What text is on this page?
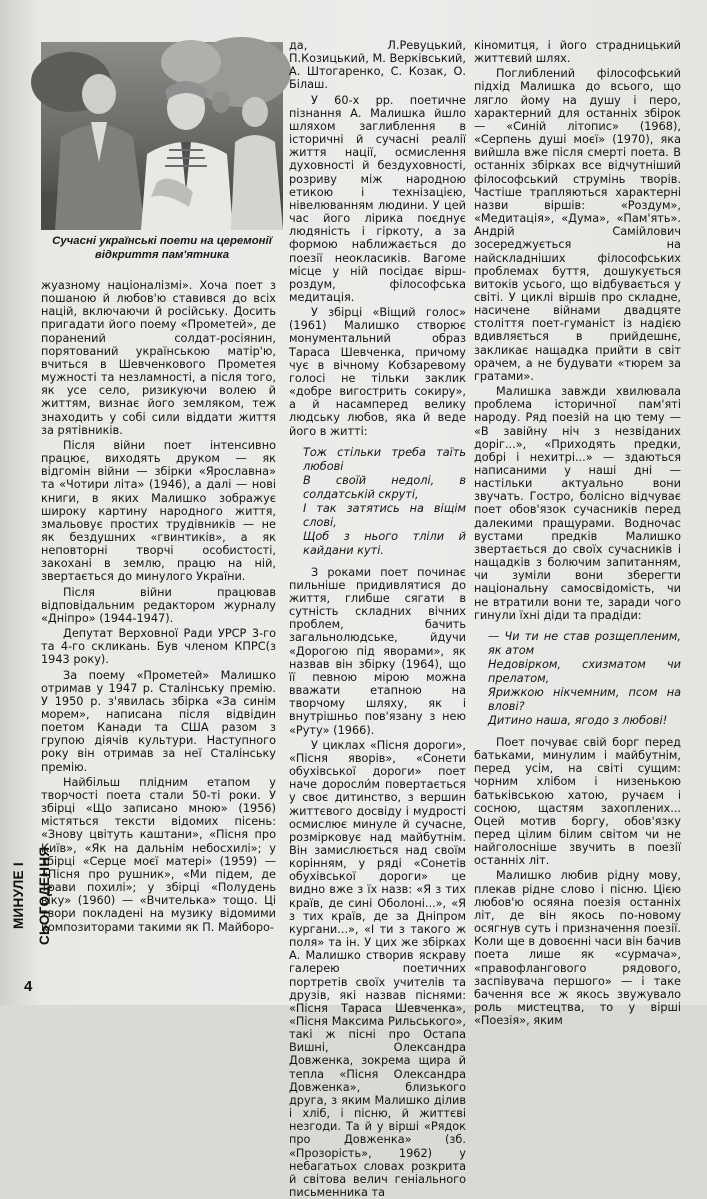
Сучасні українські поети на церемонії відкриття пам'ятника

жуазному націоналізмі». Хоча поет з пошаною й любов'ю ставився до всіх націй, включаючи й російську. Досить пригадати його поему «Прометей», де поранений солдат-росіянин, порятований українською матір'ю, вчиться в Шевченкового Прометея мужності та незламності, а після того, як усе село, ризикуючи волею й життям, визнає його земляком, теж знаходить у собі сили віддати життя за рятівників.

Після війни поет інтенсивно працює, виходять друком — як відгомін війни — збірки «Ярославна» та «Чотири літа» (1946), а далі — нові книги, в яких Малишко зображує широку картину народного життя, змальовує простих трудівників — не як бездушних «гвинтиків», а як неповторні творчі особистості, закохані в землю, працю на ній, звертається до минулого України.

Після війни працював відповідальним редактором журналу «Дніпро» (1944-1947).

Депутат Верховної Ради УРСР 3-го та 4-го скликань. Був членом КПРС(з 1943 року).

За поему «Прометей» Малишко отримав у 1947 р. Сталінську премію. У 1950 р. з'явилась збірка «За синім морем», написана після відвідин поетом Канади та США разом з групою діячів культури. Наступного року він отримав за неї Сталінську премію.

Найбільш плідним етапом у творчості поета стали 50-ті роки. У збірці «Що записано мною» (1956) містяться тексти відомих пісень: «Знову цвітуть каштани», «Пісня про Київ», «Як на дальнім небосхилі»; у збірці «Серце моєї матері» (1959) — «Пісня про рушник», «Ми підем, де трави похилі»; у збірці «Полудень віку» (1960) — «Вчителька» тощо. Ці твори покладені на музику відомими композиторами такими як П. Майборо-

да, Л.Ревуцький, П.Козицький, М. Верківський, А. Штогаренко, С. Козак, О. Білаш.

У 60-х рр. поетичне пізнання А. Малишка йшло шляхом заглиблення в історичні й сучасні реалії життя нації, осмислення духовності й бездуховності, розриву між народною етикою і технізацією, нівелюванням людини. У цей час його лірика поєднує людяність і гіркоту, а за формою наближається до поезії неокласиків. Вагоме місце у ній посідає вірш-роздум, філософська медитація.

У збірці «Віщий голос» (1961) Малишко створює монументальний образ Тараса Шевченка, причому чує в вічному Кобзаревому голосі не тільки заклик «добре вигострить сокиру», а й насамперед велику людську любов, яка й веде його в житті:

Тож стільки треба таїть любові
В своїй недолі, в солдатській скруті,
І так затятись на віщім слові,
Щоб з нього тліли й кайдани куті.

З роками поет починає пильніше придивлятися до життя, глибше сягати в сутність складних вічних проблем, бачить загальнолюдське, йдучи «Дорогою під яворами», як назвав він збірку (1964), що її певною мірою можна вважати етапною на творчому шляху, як і внутрішньо пов'язану з нею «Руту» (1966).

У циклах «Пісня дороги», «Пісня яворів», «Сонети обухівської дороги» поет наче доросли́м повертається у своє дитинство, з вершин життєвого досвіду і мудрості осмислює минуле й сучасне, розмірковує над майбутнім. Він замислюється над своїм корінням, у ряді «Сонетів обухівської дороги» це видно вже з їх назв: «Я з тих країв, де сині Оболоні...», «Я з тих країв, де за Дніпром кургани...», «І ти з такого ж поля» та ін. У цих же збірках А. Малишко створив яскраву галерею поетичних портретів своїх учителів та друзів, які назвав піснями: «Пісня Тараса Шевченка», «Пісня Максима Рильського», такі ж пісні про Остапа Вишні, Олександра Довженка, зокрема щира й тепла «Пісня Олександра Довженка», близького друга, з яким Малишко ділив і хліб, і пісню, й життєві незгоди. Та й у вірші «Рядок про Довженка» (зб. «Прозорість», 1962) у небагатьох словах розкрита й світова велич геніального письменника та

кіномитця, і його страдницький життєвий шлях.

Поглиблений філософський підхід Малишка до всього, що лягло йому на душу і перо, характерний для останніх збірок — «Синій літопис» (1968), «Серпень душі моєї» (1970), яка вийшла вже після смерті поета. В останніх збірках все відчутніший філософський струмінь творів. Частіше трапляються характерні назви віршів: «Роздум», «Медитація», «Дума», «Пам'ять». Андрій Самійлович зосереджується на найскладніших філософських проблемах буття, дошукується витоків усього, що відбувається у світі. У циклі віршів про складне, насичене війнами двадцяте століття поет-гуманіст із надією вдивляється в прийдешнє, закликає нащадка прийти в світ орачем, а не будувати «тюрем за гратами».

Малишка завжди хвилювала проблема історичної пам'яті народу. Ряд поезій на цю тему — «В завійну ніч з незвіданих доріг...», «Приходять предки, добрі і нехитрі...» — здаються написаними у наші дні — настільки актуально вони звучать. Гостро, болісно відчуває поет обов'язок сучасників перед далекими пращурами. Водночас вустами предків Малишко звертається до своїх сучасників і нащадків з болючим запитанням, чи зуміли вони зберегти національну самосвідомість, чи не втратили вони те, заради чого гинули їхні діди та прадіди:

— Чи ти не став розщепленим, як атом
Недовірком, схизматом чи прелатом,
Ярижкою нікчемним, псом на влові?
Дитино наша, ягодо з любові!

Поет почуває свій борг перед батьками, минулим і майбутнім, перед усім, на світі сущим: чорним хлібом і низенькою батьківською хатою, ручаєм і сосною, щастям захоплених... Оцей мотив боргу, обов'язку перед цілим білим світом чи не найголосніше звучить в поезії останніх літ.

Малишко любив рідну мову, плекав рідне слово і пісню. Цією любов'ю осяяна поезія останніх літ, де він якось по-новому осягнув суть і призначення поезії. Коли ще в довоєнні часи він бачив поета лише як «сурмача», «правофлангового рядового, заспівувача першого» — і таке бачення все ж якось звужувало роль мистецтва, то у вірші «Поезія», яким

МИНУЛЕ І СЬОГОДЕННЯ
4
